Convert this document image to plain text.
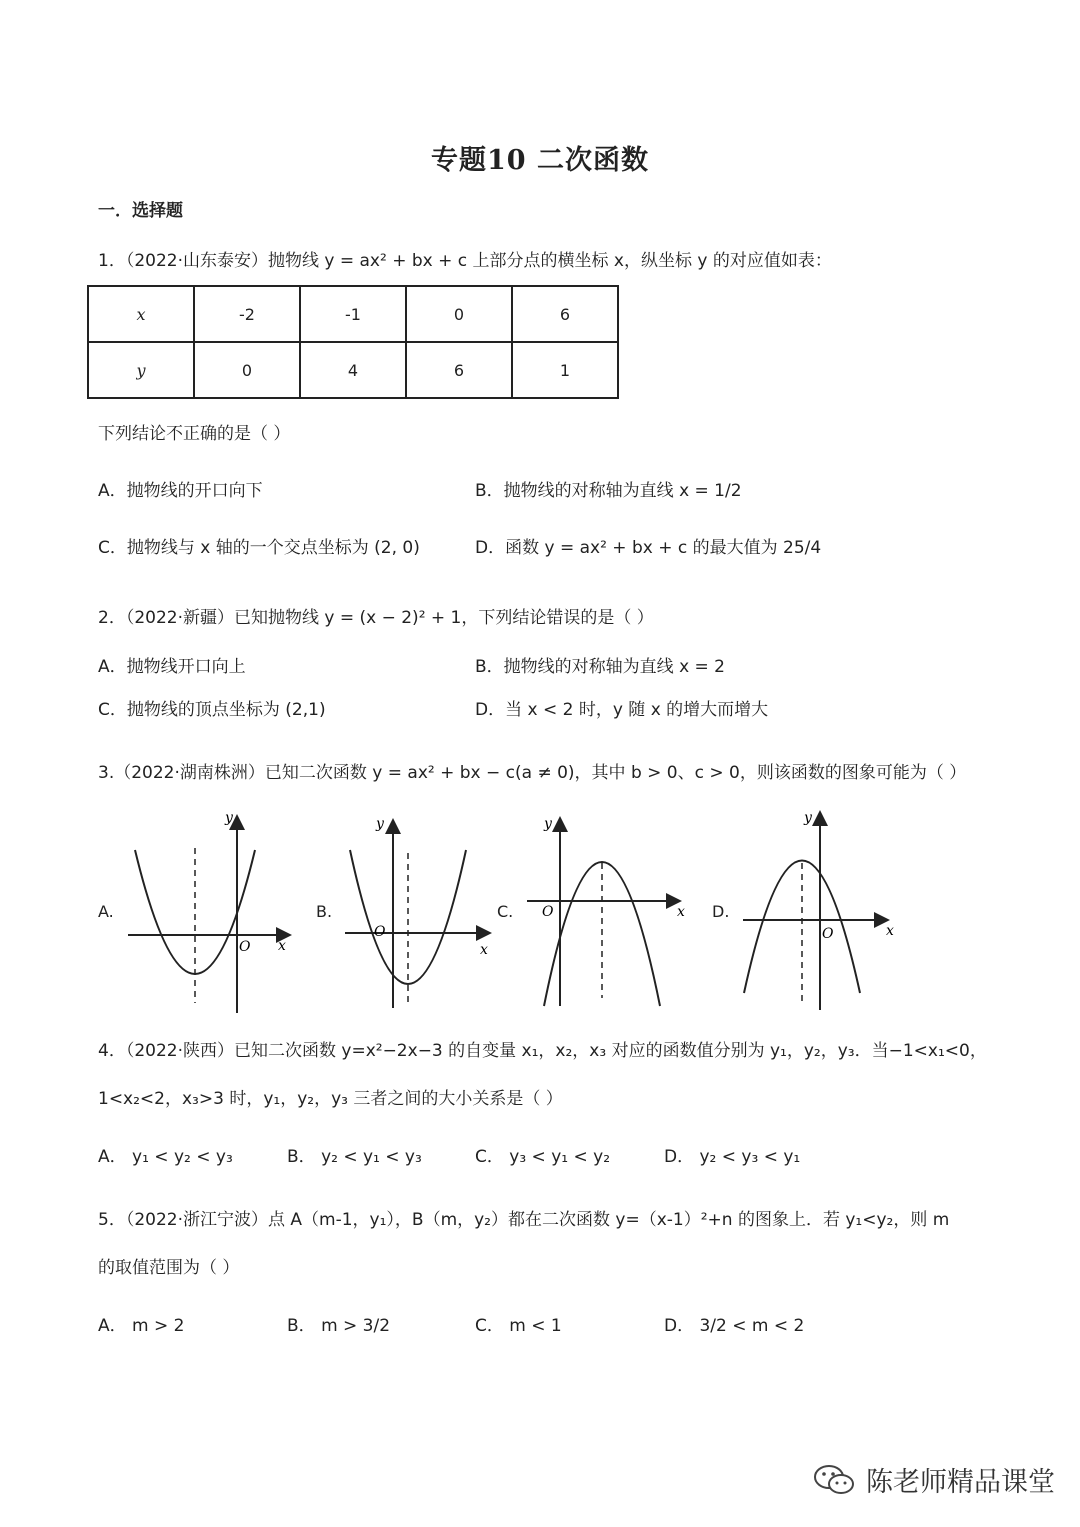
专题10 二次函数
一．选择题
1．（2022·山东泰安）抛物线 y = ax² + bx + c 上部分点的横坐标 x，纵坐标 y 的对应值如表：
x	-2	-1	0	6
y	0	4	6	1
下列结论不正确的是（ ）
A．抛物线的开口向下	B．抛物线的对称轴为直线 x = 1/2
C．抛物线与 x 轴的一个交点坐标为 (2, 0)	D．函数 y = ax² + bx + c 的最大值为 25/4
2．（2022·新疆）已知抛物线 y = (x − 2)² + 1，下列结论错误的是（ ）
A．抛物线开口向上	B．抛物线的对称轴为直线 x = 2
C．抛物线的顶点坐标为 (2,1)	D．当 x < 2 时，y 随 x 的增大而增大
3.（2022·湖南株洲）已知二次函数 y = ax² + bx − c(a ≠ 0)，其中 b > 0、c > 0，则该函数的图象可能为（ ）
A.
y
x
O
B.
y
x
O
C.
y
x
O	D.
y
x
O
4．（2022·陕西）已知二次函数 y=x²−2x−3 的自变量 x₁，x₂，x₃ 对应的函数值分别为 y₁，y₂，y₃．当−1<x₁<0，
1<x₂<2，x₃>3 时，y₁，y₂，y₃ 三者之间的大小关系是（ ）
A． y₁ < y₂ < y₃	B． y₂ < y₁ < y₃	C． y₃ < y₁ < y₂	D． y₂ < y₃ < y₁
5．（2022·浙江宁波）点 A（m-1，y₁），B（m，y₂）都在二次函数 y=（x-1）²+n 的图象上．若 y₁<y₂，则 m
的取值范围为（ ）
A． m > 2	B． m > 3/2	C． m < 1	D． 3/2 < m < 2
陈老师精品课堂
